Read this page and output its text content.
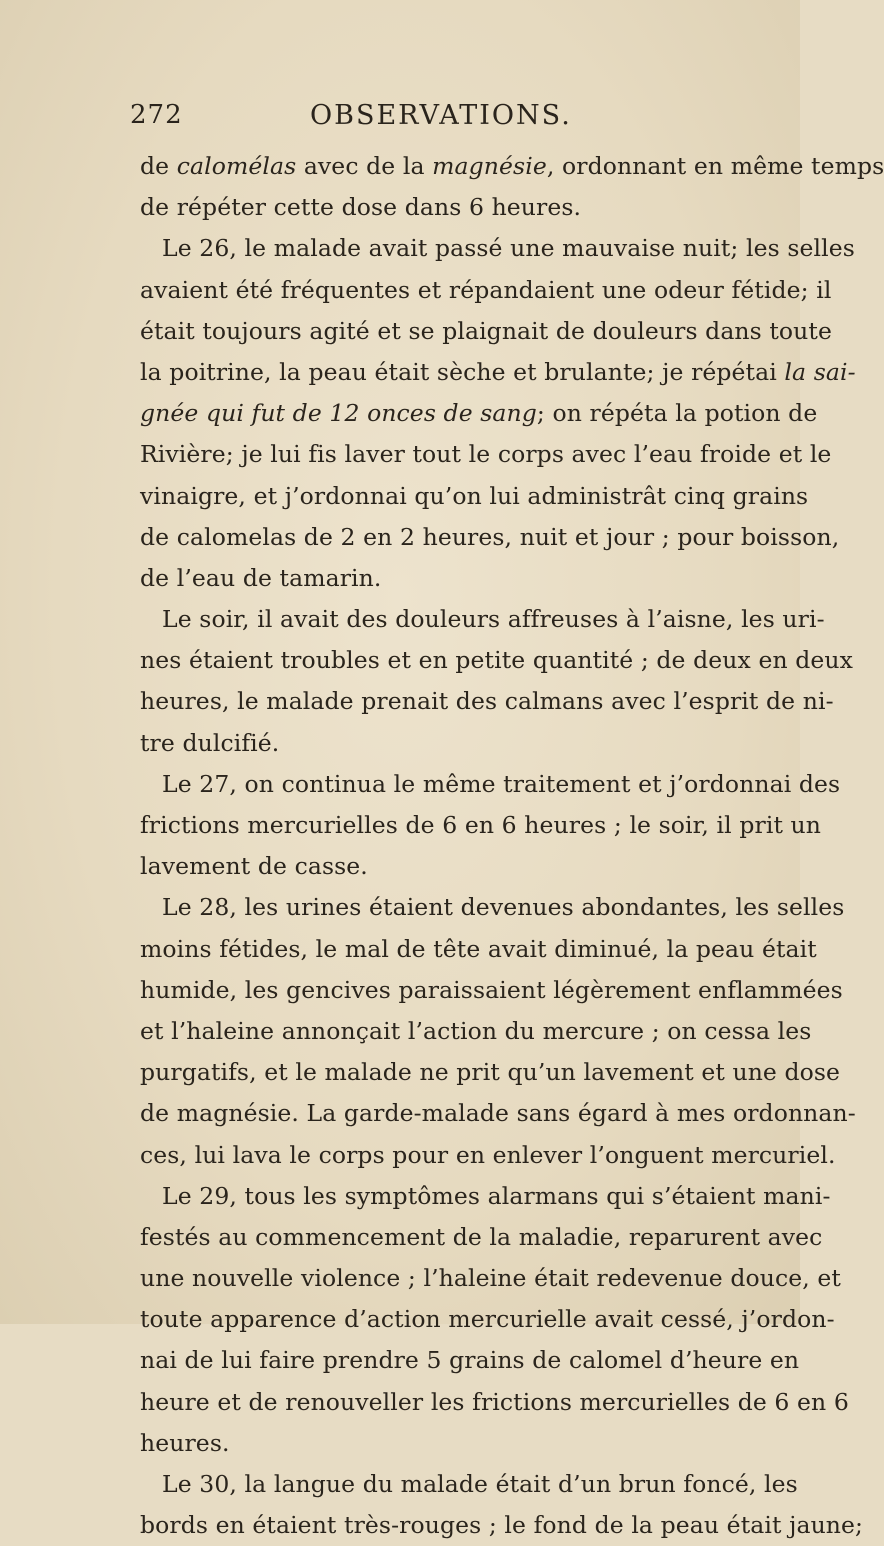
272	OBSERVATIONS.
de calomélas avec de la magnésie, ordonnant en même temps
de répéter cette dose dans 6 heures.
Le 26, le malade avait passé une mauvaise nuit; les selles
avaient été fréquentes et répandaient une odeur fétide; il
était toujours agité et se plaignait de douleurs dans toute
la poitrine, la peau était sèche et brulante; je répétai la sai-
gnée qui fut de 12 onces de sang; on répéta la potion de
Rivière; je lui fis laver tout le corps avec l’eau froide et le
vinaigre, et j’ordonnai qu’on lui administrât cinq grains
de calomelas de 2 en 2 heures, nuit et jour ; pour boisson,
de l’eau de tamarin.
Le soir, il avait des douleurs affreuses à l’aisne, les uri-
nes étaient troubles et en petite quantité ; de deux en deux
heures, le malade prenait des calmans avec l’esprit de ni-
tre dulcifié.
Le 27, on continua le même traitement et j’ordonnai des
frictions mercurielles de 6 en 6 heures ; le soir, il prit un
lavement de casse.
Le 28, les urines étaient devenues abondantes, les selles
moins fétides, le mal de tête avait diminué, la peau était
humide, les gencives paraissaient légèrement enflammées
et l’haleine annonçait l’action du mercure ; on cessa les
purgatifs, et le malade ne prit qu’un lavement et une dose
de magnésie. La garde-malade sans égard à mes ordonnan-
ces, lui lava le corps pour en enlever l’onguent mercuriel.
Le 29, tous les symptômes alarmans qui s’étaient mani-
festés au commencement de la maladie, reparurent avec
une nouvelle violence ; l’haleine était redevenue douce, et
toute apparence d’action mercurielle avait cessé, j’ordon-
nai de lui faire prendre 5 grains de calomel d’heure en
heure et de renouveller les frictions mercurielles de 6 en 6
heures.
Le 30, la langue du malade était d’un brun foncé, les
bords en étaient très-rouges ; le fond de la peau était jaune;
